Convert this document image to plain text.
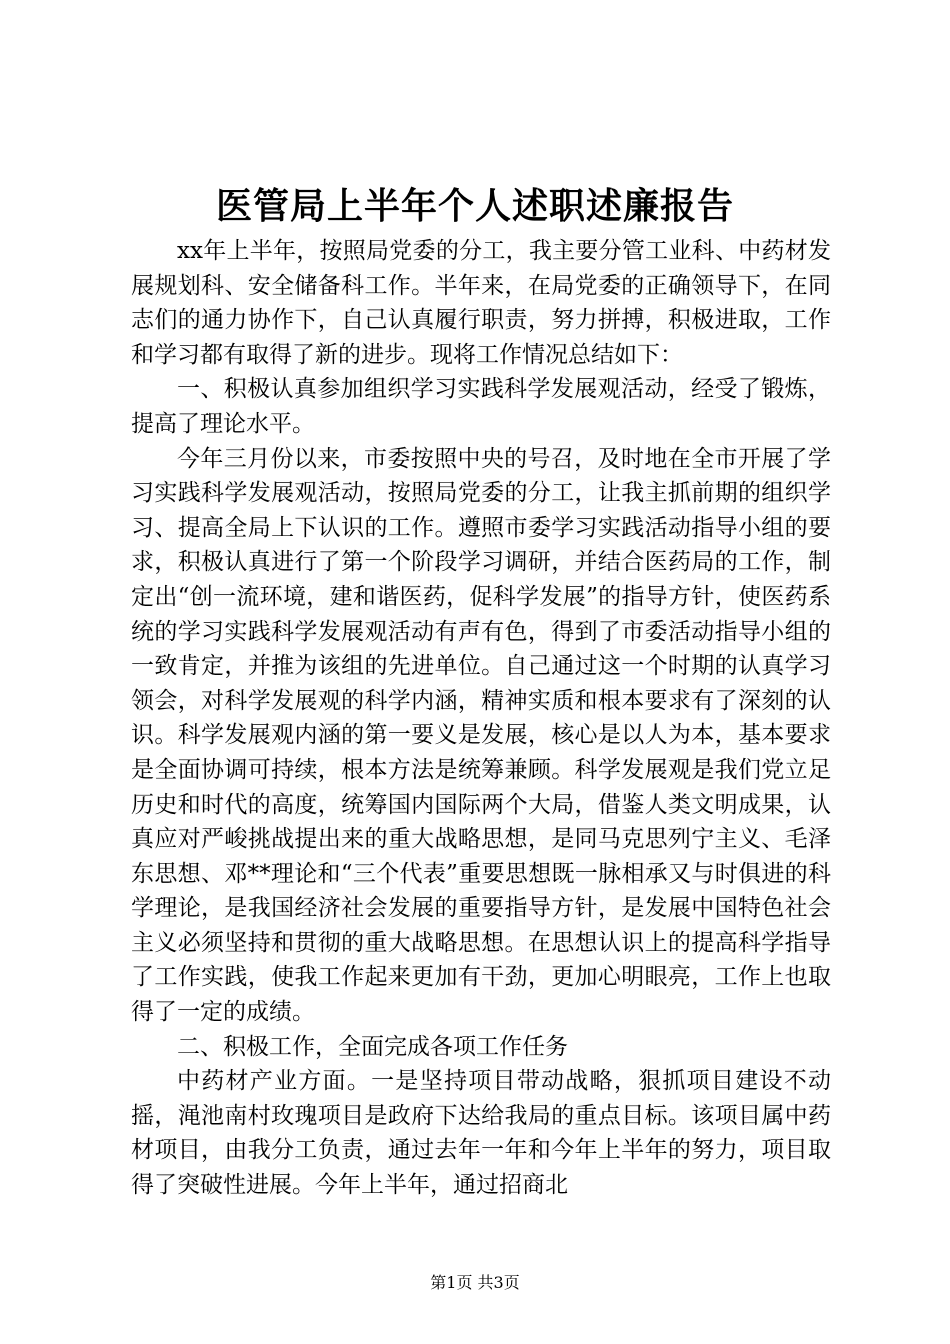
医管局上半年个人述职述廉报告

xx年上半年，按照局党委的分工，我主要分管工业科、中药材发展规划科、安全储备科工作。半年来，在局党委的正确领导下，在同志们的通力协作下，自己认真履行职责，努力拼搏，积极进取，工作和学习都有取得了新的进步。现将工作情况总结如下：

一、积极认真参加组织学习实践科学发展观活动，经受了锻炼，提高了理论水平。

今年三月份以来，市委按照中央的号召，及时地在全市开展了学习实践科学发展观活动，按照局党委的分工，让我主抓前期的组织学习、提高全局上下认识的工作。遵照市委学习实践活动指导小组的要求，积极认真进行了第一个阶段学习调研，并结合医药局的工作，制定出“创一流环境，建和谐医药，促科学发展”的指导方针，使医药系统的学习实践科学发展观活动有声有色，得到了市委活动指导小组的一致肯定，并推为该组的先进单位。自己通过这一个时期的认真学习领会，对科学发展观的科学内涵，精神实质和根本要求有了深刻的认识。科学发展观内涵的第一要义是发展，核心是以人为本，基本要求是全面协调可持续，根本方法是统筹兼顾。科学发展观是我们党立足历史和时代的高度，统筹国内国际两个大局，借鉴人类文明成果，认真应对严峻挑战提出来的重大战略思想，是同马克思列宁主义、毛泽东思想、邓**理论和“三个代表”重要思想既一脉相承又与时俱进的科学理论，是我国经济社会发展的重要指导方针，是发展中国特色社会主义必须坚持和贯彻的重大战略思想。在思想认识上的提高科学指导了工作实践，使我工作起来更加有干劲，更加心明眼亮，工作上也取得了一定的成绩。

二、积极工作，全面完成各项工作任务

中药材产业方面。一是坚持项目带动战略，狠抓项目建设不动摇，渑池南村玫瑰项目是政府下达给我局的重点目标。该项目属中药材项目，由我分工负责，通过去年一年和今年上半年的努力，项目取得了突破性进展。今年上半年，通过招商北

第1页 共3页
